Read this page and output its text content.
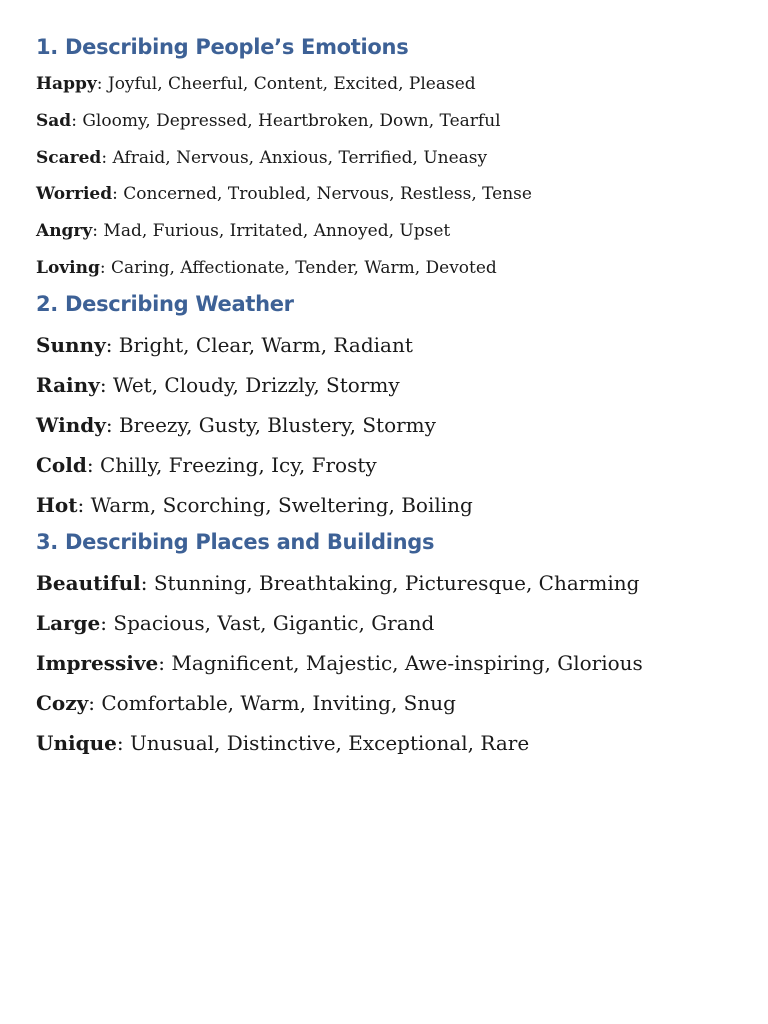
1. Describing People’s Emotions
Happy: Joyful, Cheerful, Content, Excited, Pleased
Sad: Gloomy, Depressed, Heartbroken, Down, Tearful
Scared: Afraid, Nervous, Anxious, Terrified, Uneasy
Worried: Concerned, Troubled, Nervous, Restless, Tense
Angry: Mad, Furious, Irritated, Annoyed, Upset
Loving: Caring, Affectionate, Tender, Warm, Devoted
2. Describing Weather
Sunny: Bright, Clear, Warm, Radiant
Rainy: Wet, Cloudy, Drizzly, Stormy
Windy: Breezy, Gusty, Blustery, Stormy
Cold: Chilly, Freezing, Icy, Frosty
Hot: Warm, Scorching, Sweltering, Boiling
3. Describing Places and Buildings
Beautiful: Stunning, Breathtaking, Picturesque, Charming
Large: Spacious, Vast, Gigantic, Grand
Impressive: Magnificent, Majestic, Awe-inspiring, Glorious
Cozy: Comfortable, Warm, Inviting, Snug
Unique: Unusual, Distinctive, Exceptional, Rare
